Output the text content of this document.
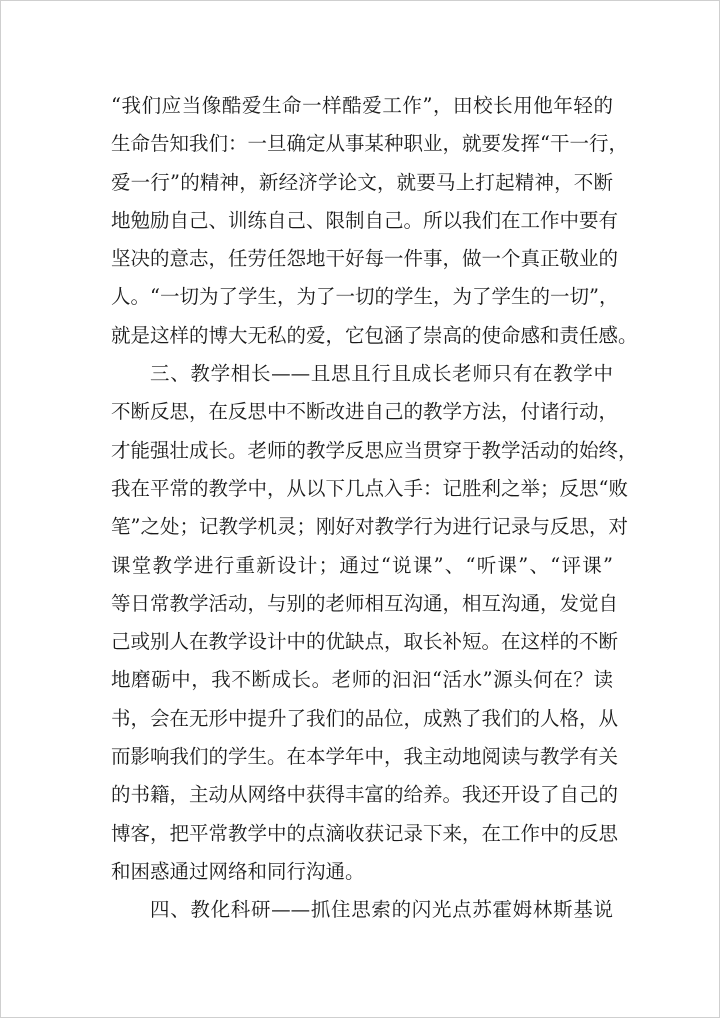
“我们应当像酷爱生命一样酷爱工作”，田校长用他年轻的
生命告知我们：一旦确定从事某种职业，就要发挥“干一行，
爱一行”的精神，新经济学论文，就要马上打起精神，不断
地勉励自己、训练自己、限制自己。所以我们在工作中要有
坚决的意志，任劳任怨地干好每一件事，做一个真正敬业的
人。“一切为了学生，为了一切的学生，为了学生的一切”，
就是这样的博大无私的爱，它包涵了崇高的使命感和责任感。
三、教学相长——且思且行且成长老师只有在教学中
不断反思，在反思中不断改进自己的教学方法，付诸行动，
才能强壮成长。老师的教学反思应当贯穿于教学活动的始终，
我在平常的教学中，从以下几点入手：记胜利之举；反思“败
笔”之处；记教学机灵；刚好对教学行为进行记录与反思，对
课堂教学进行重新设计；通过“说课”、“听课”、“评课”
等日常教学活动，与别的老师相互沟通，相互沟通，发觉自
己或别人在教学设计中的优缺点，取长补短。在这样的不断
地磨砺中，我不断成长。老师的汩汩“活水”源头何在？读
书，会在无形中提升了我们的品位，成熟了我们的人格，从
而影响我们的学生。在本学年中，我主动地阅读与教学有关
的书籍，主动从网络中获得丰富的给养。我还开设了自己的
博客，把平常教学中的点滴收获记录下来，在工作中的反思
和困惑通过网络和同行沟通。
四、教化科研——抓住思索的闪光点苏霍姆林斯基说
